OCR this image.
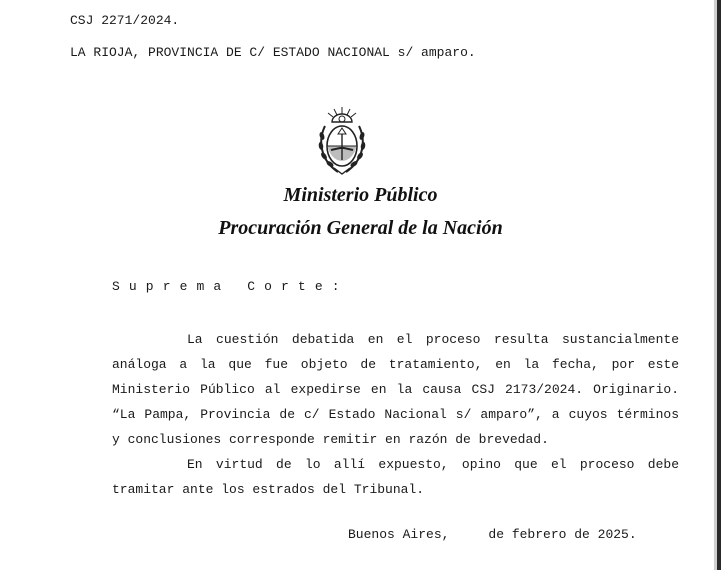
CSJ 2271/2024.
LA RIOJA, PROVINCIA DE C/ ESTADO NACIONAL s/ amparo.
Ministerio Público
Procuración General de la Nación
Suprema Corte:

La cuestión debatida en el proceso resulta sustancialmente análoga a la que fue objeto de tratamiento, en la fecha, por este Ministerio Público al expedirse en la causa CSJ 2173/2024. Originario. “La Pampa, Provincia de c/ Estado Nacional s/ amparo”, a cuyos términos y conclusiones corresponde remitir en razón de brevedad.

En virtud de lo allí expuesto, opino que el proceso debe tramitar ante los estrados del Tribunal.

Buenos Aires,     de febrero de 2025.
